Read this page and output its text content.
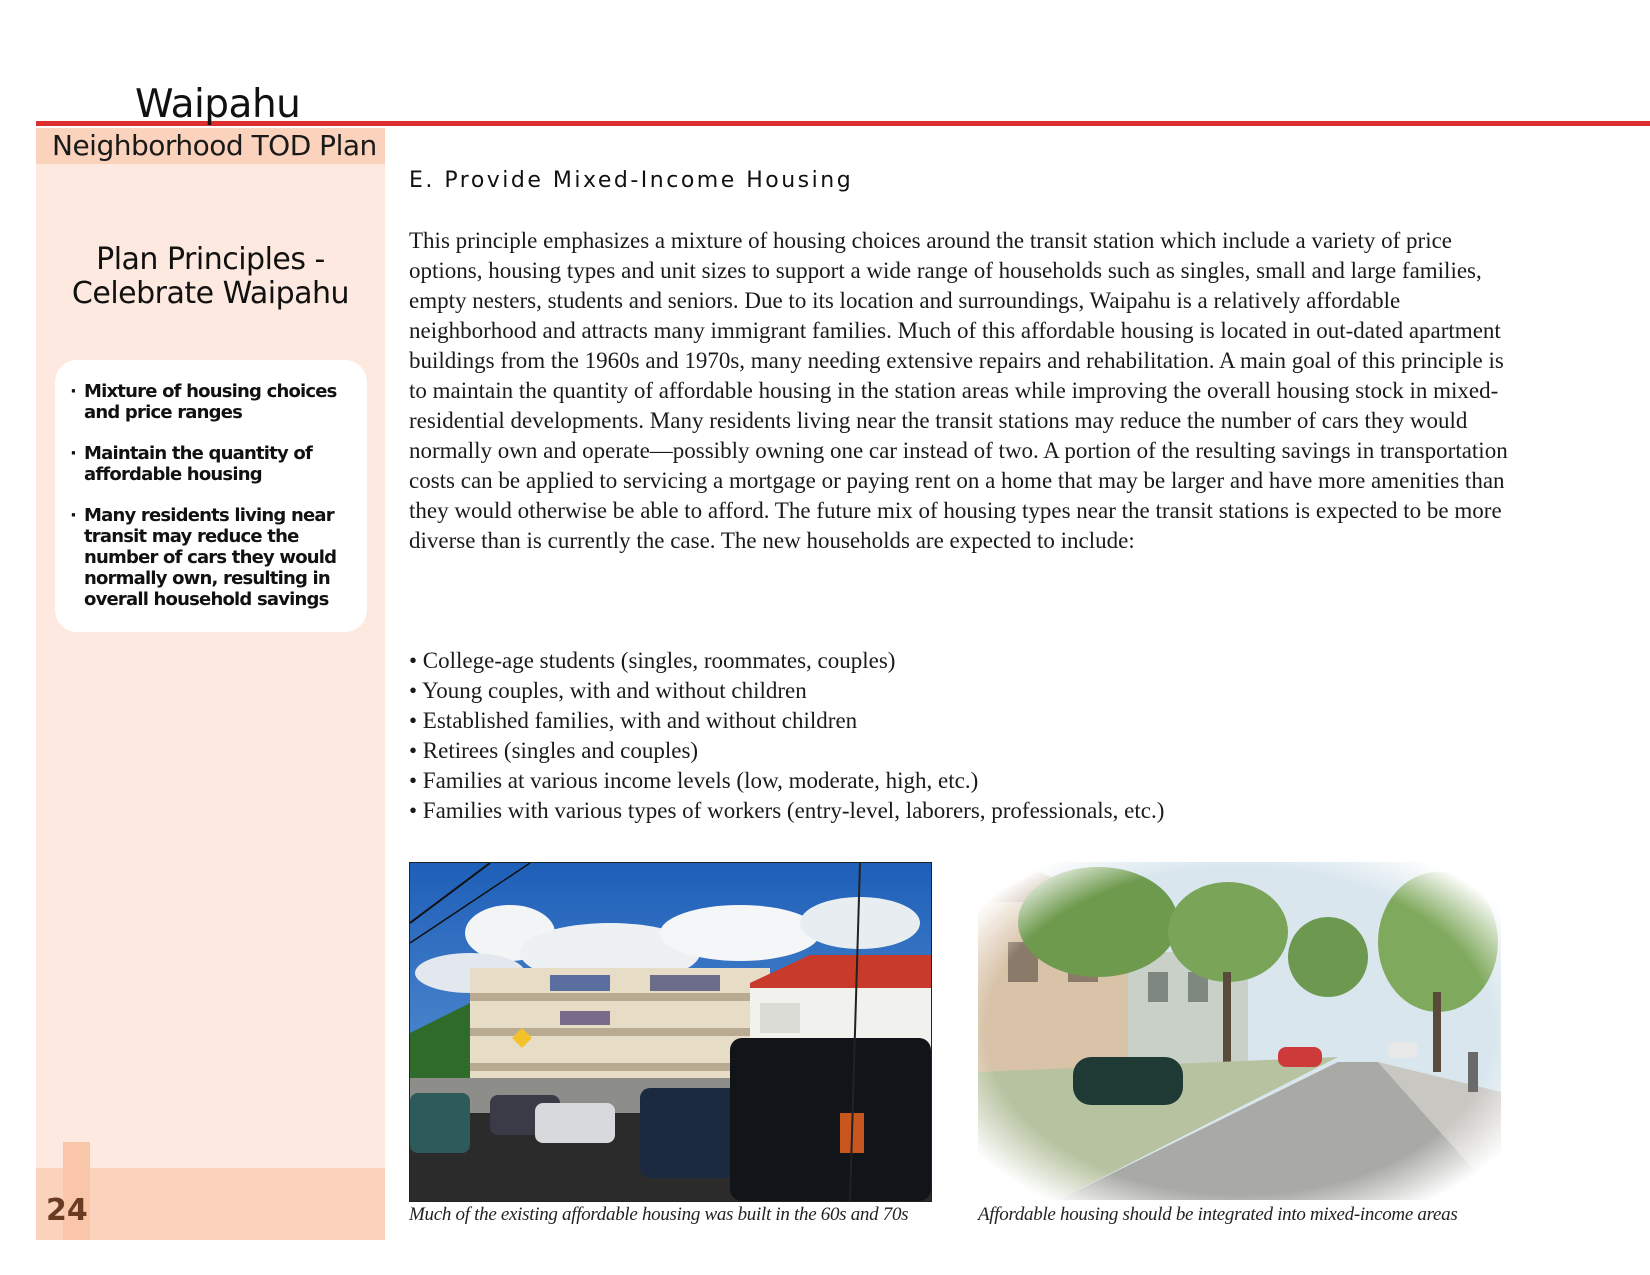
Waipahu
Neighborhood TOD Plan
Plan Principles -
Celebrate Waipahu
· Mixture of housing choices and price ranges
· Maintain the quantity of affordable housing
· Many residents living near transit may reduce the number of cars they would normally own, resulting in overall household savings
24
E. Provide Mixed-Income Housing

This principle emphasizes a mixture of housing choices around the transit station which include a variety of price options, housing types and unit sizes to support a wide range of households such as singles, small and large families, empty nesters, students and seniors. Due to its location and surroundings, Waipahu is a relatively affordable neighborhood and attracts many immigrant families. Much of this affordable housing is located in out-dated apartment buildings from the 1960s and 1970s, many needing extensive repairs and rehabilitation. A main goal of this principle is to maintain the quantity of affordable housing in the station areas while improving the overall housing stock in mixed-residential developments. Many residents living near the transit stations may reduce the number of cars they would normally own and operate—possibly owning one car instead of two. A portion of the resulting savings in transportation costs can be applied to servicing a mortgage or paying rent on a home that may be larger and have more amenities than they would otherwise be able to afford. The future mix of housing types near the transit stations is expected to be more diverse than is currently the case. The new households are expected to include:

• College-age students (singles, roommates, couples)
• Young couples, with and without children
• Established families, with and without children
• Retirees (singles and couples)
• Families at various income levels (low, moderate, high, etc.)
• Families with various types of workers (entry-level, laborers, professionals, etc.)
Much of the existing affordable housing was built in the 60s and 70s	Affordable housing should be integrated into mixed-income areas
